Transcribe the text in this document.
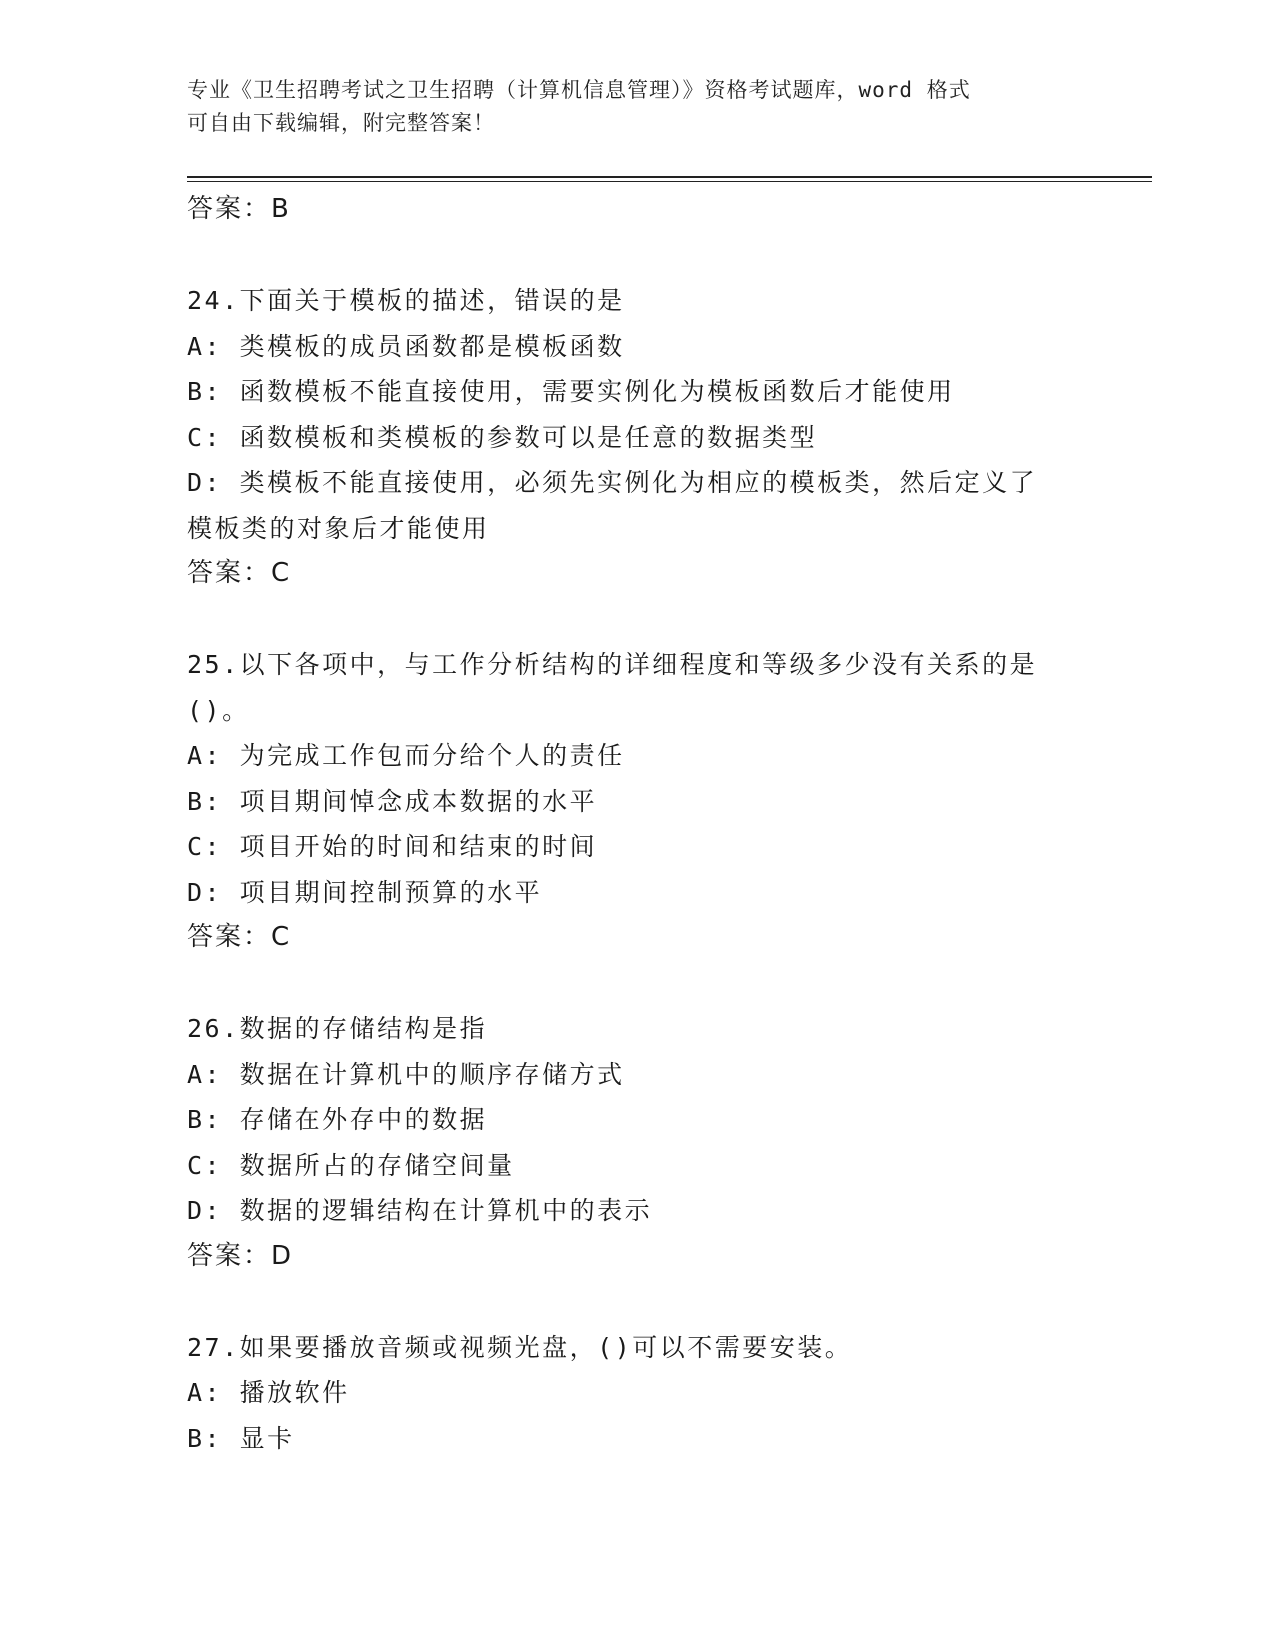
专业《卫生招聘考试之卫生招聘（计算机信息管理）》资格考试题库，word 格式
可自由下载编辑，附完整答案！
答案：B
24.下面关于模板的描述，错误的是
A: 类模板的成员函数都是模板函数
B: 函数模板不能直接使用，需要实例化为模板函数后才能使用
C: 函数模板和类模板的参数可以是任意的数据类型
D: 类模板不能直接使用，必须先实例化为相应的模板类，然后定义了
模板类的对象后才能使用
答案：C
25.以下各项中，与工作分析结构的详细程度和等级多少没有关系的是
()。
A: 为完成工作包而分给个人的责任
B: 项目期间悼念成本数据的水平
C: 项目开始的时间和结束的时间
D: 项目期间控制预算的水平
答案：C
26.数据的存储结构是指
A: 数据在计算机中的顺序存储方式
B: 存储在外存中的数据
C: 数据所占的存储空间量
D: 数据的逻辑结构在计算机中的表示
答案：D
27.如果要播放音频或视频光盘，()可以不需要安装。
A: 播放软件
B: 显卡
